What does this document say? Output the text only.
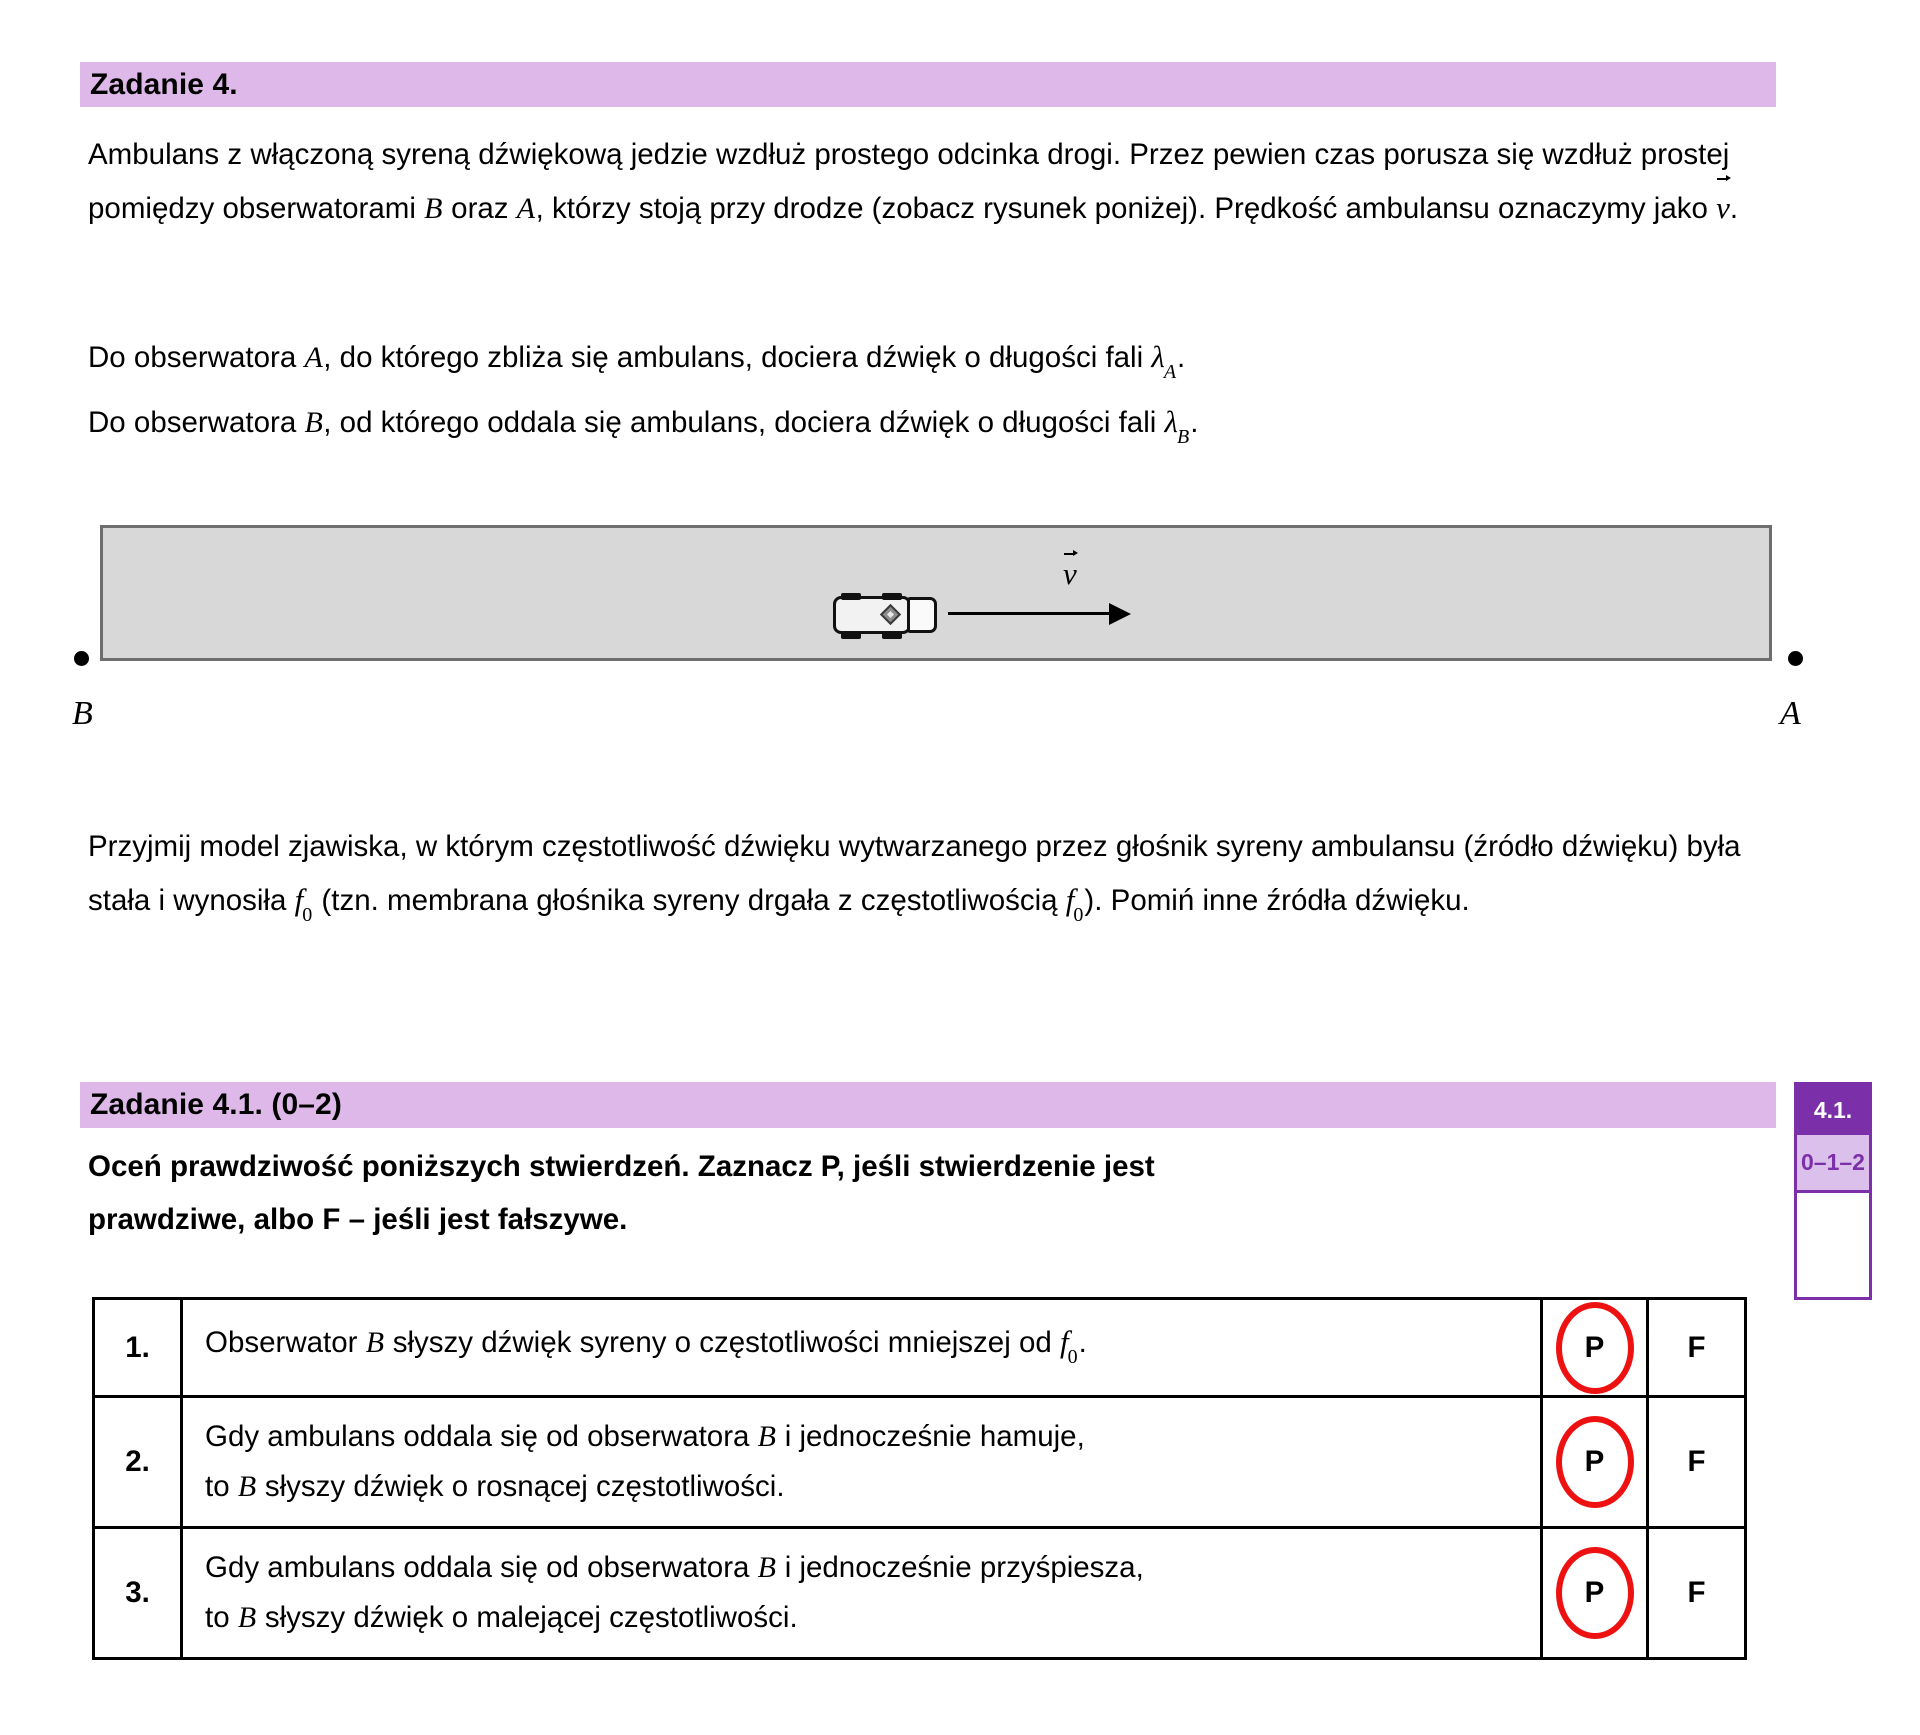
Zadanie 4.
Ambulans z włączoną syreną dźwiękową jedzie wzdłuż prostego odcinka drogi. Przez pewien czas porusza się wzdłuż prostej pomiędzy obserwatorami B oraz A, którzy stoją przy drodze (zobacz rysunek poniżej). Prędkość ambulansu oznaczymy jako v.
Do obserwatora A, do którego zbliża się ambulans, dociera dźwięk o długości fali $\lambda_A$.
Do obserwatora B, od którego oddala się ambulans, dociera dźwięk o długości fali $\lambda_B$.
v
B	A
Przyjmij model zjawiska, w którym częstotliwość dźwięku wytwarzanego przez głośnik syreny ambulansu (źródło dźwięku) była stała i wynosiła $f_0$ (tzn. membrana głośnika syreny drgała z częstotliwością $f_0$). Pomiń inne źródła dźwięku.
Zadanie 4.1. (0–2)	4.1.
0–1–2
Oceń prawdziwość poniższych stwierdzeń. Zaznacz P, jeśli stwierdzenie jest
prawdziwe, albo F – jeśli jest fałszywe.
1.	Obserwator B słyszy dźwięk syreny o częstotliwości mniejszej od $f_0$.	P	F
2.	Gdy ambulans oddala się od obserwatora B i jednocześnie hamuje,
to B słyszy dźwięk o rosnącej częstotliwości.	P	F
3.	Gdy ambulans oddala się od obserwatora B i jednocześnie przyśpiesza,
to B słyszy dźwięk o malejącej częstotliwości.	P	F
